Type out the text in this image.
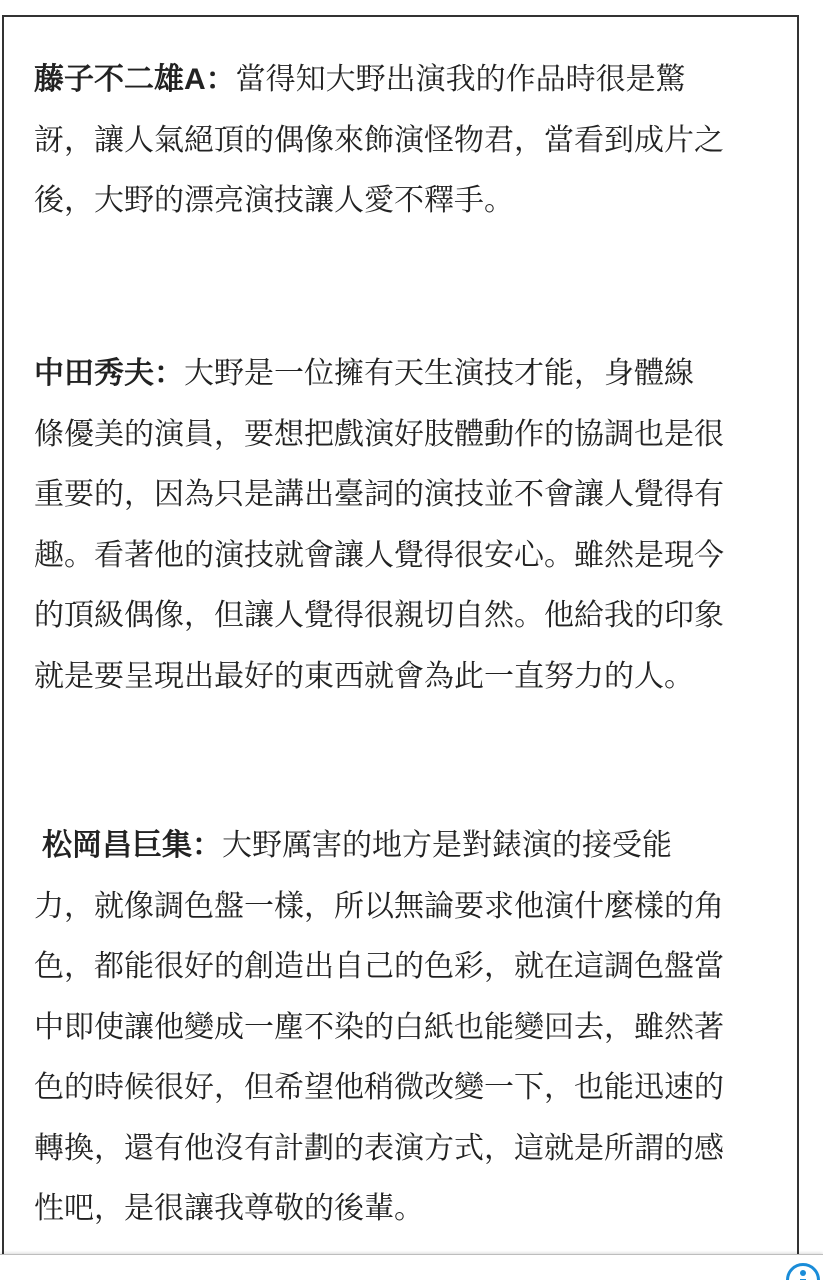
藤子不二雄A：當得知大野出演我的作品時很是驚
訝，讓人氣絕頂的偶像來飾演怪物君，當看到成片之
後，大野的漂亮演技讓人愛不釋手。
中田秀夫：大野是一位擁有天生演技才能，身體線
條優美的演員，要想把戲演好肢體動作的協調也是很
重要的，因為只是講出臺詞的演技並不會讓人覺得有
趣。看著他的演技就會讓人覺得很安心。雖然是現今
的頂級偶像，但讓人覺得很親切自然。他給我的印象
就是要呈現出最好的東西就會為此一直努力的人。
松岡昌巨集：大野厲害的地方是對錶演的接受能
力，就像調色盤一樣，所以無論要求他演什麼樣的角
色，都能很好的創造出自己的色彩，就在這調色盤當
中即使讓他變成一塵不染的白紙也能變回去，雖然著
色的時候很好，但希望他稍微改變一下，也能迅速的
轉換，還有他沒有計劃的表演方式，這就是所謂的感
性吧，是很讓我尊敬的後輩。
